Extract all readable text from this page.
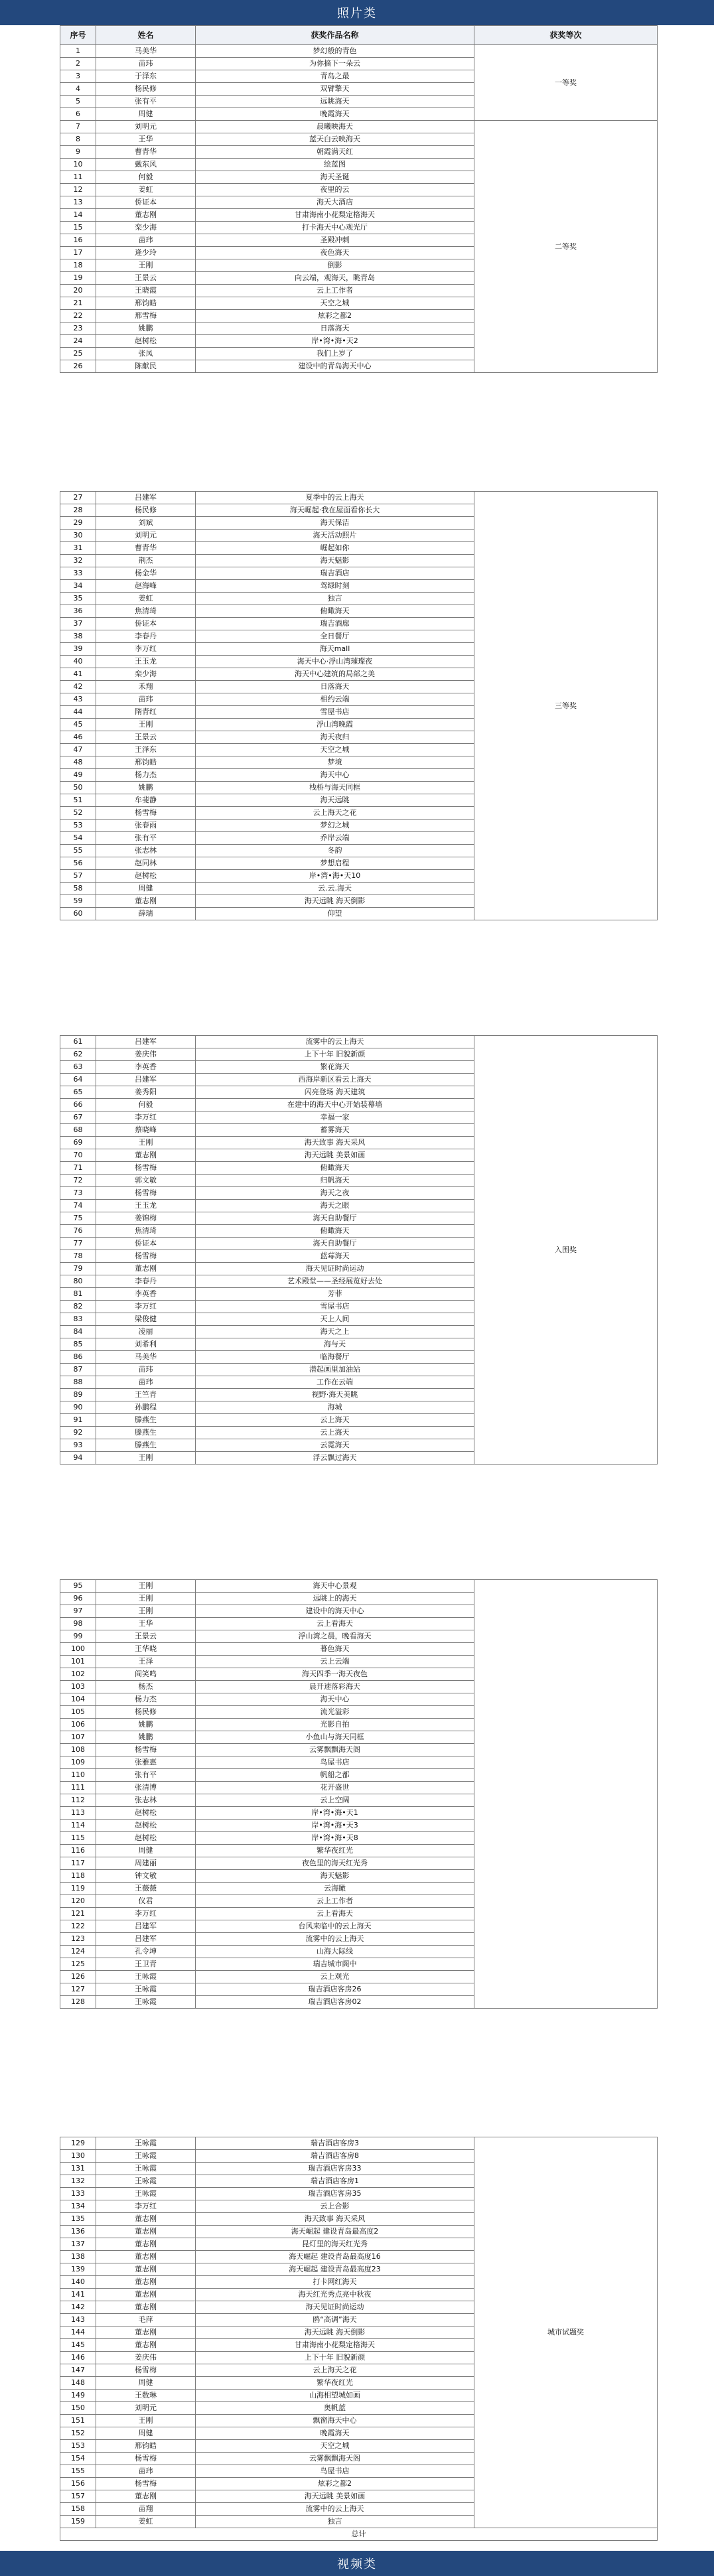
照片类
序号	姓名	获奖作品名称	获奖等次
1	马美华	梦幻般的青色	一等奖
2	苗玮	为你摘下一朵云	
3	于泽东	青岛之最	
4	杨民修	双臂擎天	
5	张有平	远眺海天	
6	周健	晚霞海天	
7	刘明元	晨曦映海天	二等奖
8	王华	蓝天白云映海天	
9	曹青华	朝霞满天红	
10	戴东风	绘蓝图	
11	何毅	海天圣诞	
12	姜虹	夜里的云	
13	侨证本	海天大酒店	
14	董志刚	甘肃海南小花梨定格海天	
15	栾少海	打卡海天中心观光厅	
16	苗玮	圣殿冲刺	
17	逄少玲	夜色海天	
18	王刚	倒影	
19	王景云	向云端，观海天，眺青岛	
20	王晓霞	云上工作者	
21	邢钧皓	天空之城	
22	邢雪梅	炫彩之都2	
23	姚鹏	日落海天	
24	赵树松	岸•湾•海•天2	
25	张凤	我们上岁了	
26	陈献民	建设中的青岛海天中心	
27	吕建军	夏季中的云上海天	三等奖
28	杨民修	海天崛起·我在屋面看你长大	
29	刘斌	海天保洁	
30	刘明元	海天活动照片	
31	曹青华	崛起如你	
32	荆杰	海天魅影	
33	杨金华	瑞吉酒店	
34	赵海峰	驾绿时刻	
35	姜虹	独言	
36	焦清琦	俯瞰海天	
37	侨证本	瑞吉酒廊	
38	李春丹	全日餐厅	
39	李万红	海天mall	
40	王玉龙	海天中心·浮山湾璀璨夜	
41	栾少海	海天中心建筑的局部之美	
42	禾翔	日落海天	
43	苗玮	相约云端	
44	隋青红	雪屋书店	
45	王刚	浮山湾晚霞	
46	王景云	海天夜归	
47	王泽东	天空之城	
48	邢钧皓	梦境	
49	杨力杰	海天中心	
50	姚鹏	栈桥与海天同框	
51	牟斐静	海天远眺	
52	杨雪梅	云上海天之花	
53	张春雨	梦幻之城	
54	张有平	乔岸云端	
55	张志林	冬韵	
56	赵同林	梦想启程	
57	赵树松	岸•湾•海•天10	
58	周健	云.云.海天	
59	董志刚	海天远眺 海天倒影	
60	薛瑞	仰望	
61	吕建军	流雾中的云上海天	入围奖
62	姜庆伟	上下十年 旧貌新颜	
63	李英香	繁花海天	
64	吕建军	西海岸新区看云上海天	
65	姜秀阳	闪亮登场 海天建筑	
66	何毅	在建中的海天中心开始装幕墙	
67	李万红	幸福一家	
68	蔡晓峰	蓄雾海天	
69	王刚	海天致事 海天采风	
70	董志刚	海天远眺 美景如画	
71	杨雪梅	俯瞰海天	
72	郭文敏	归帆海天	
73	杨雪梅	海天之夜	
74	王玉龙	海天之眼	
75	姜锦梅	海天自助餐厅	
76	焦清琦	俯瞰海天	
77	侨证本	海天自助餐厅	
78	杨雪梅	蓝莓海天	
79	董志刚	海天见证时尚运动	
80	李春丹	艺术殿堂——圣经展览好去处	
81	李英香	芳菲	
82	李万红	雪屋书店	
83	梁俊健	天上人间	
84	凌丽	海天之上	
85	刘希利	海与天	
86	马美华	临海餐厅	
87	苗玮	潜起画里加油站	
88	苗玮	工作在云端	
89	王竺青	视野·海天美眺	
90	孙鹏程	海城	
91	滕燕生	云上海天	
92	滕燕生	云上海天	
93	滕燕生	云霓海天	
94	王刚	浮云飘过海天	
95	王刚	海天中心景观	
96	王刚	远眺上的海天	
97	王刚	建设中的海天中心	
98	王华	云上看海天	
99	王景云	浮山湾之晨，晚看海天	
100	王华晓	暮色海天	
101	王泽	云上云端	
102	阎笑鸣	海天四季一海天夜色	
103	杨杰	晨开速落彩海天	
104	杨力杰	海天中心	
105	杨民修	流光溢彩	
106	姚鹏	光影自拍	
107	姚鹏	小鱼山与海天同框	
108	杨雪梅	云雾飘飘海天阁	
109	张雅惠	鸟屋书店	
110	张有平	帆船之都	
111	张清博	花开盛世	
112	张志林	云上空阔	
113	赵树松	岸•湾•海•天1	
114	赵树松	岸•湾•海•天3	
115	赵树松	岸•湾•海•天8	
116	周健	繁华夜红光	
117	周建丽	夜色里的海天红光秀	
118	钟文敏	海天魅影	
119	王薇薇	云海瞰	
120	仪君	云上工作者	
121	李万红	云上看海天	
122	吕建军	台风来临中的云上海天	
123	吕建军	流雾中的云上海天	
124	孔令坤	山海大际线	
125	王卫青	瑞吉城市阁中	
126	王咏霞	云上观光	
127	王咏霞	瑞吉酒店客房26	
128	王咏霞	瑞吉酒店客房02	
129	王咏霞	瑞吉酒店客房3	城市试题奖
130	王咏霞	瑞吉酒店客房8	
131	王咏霞	瑞吉酒店客房33	
132	王咏霞	瑞吉酒店客房1	
133	王咏霞	瑞吉酒店客房35	
134	李万红	云上合影	
135	董志刚	海天致事 海天采风	
136	董志刚	海天崛起 建设青岛最高度2	
137	董志刚	昆灯里的海天红光秀	
138	董志刚	海天崛起 建设青岛最高度16	
139	董志刚	海天崛起 建设青岛最高度23	
140	董志刚	打卡网红海天	
141	董志刚	海天红光秀点亮中秋夜	
142	董志刚	海天见证时尚运动	
143	毛萍	鸥“高调”海天	
144	董志刚	海天远眺 海天倒影	
145	董志刚	甘肃海南小花梨定格海天	
146	姜庆伟	上下十年 旧貌新颜	
147	杨雪梅	云上海天之花	
148	周健	繁华夜红光	
149	王数琳	山海相望城如画	
150	刘明元	奥帆蓝	
151	王刚	飘窗海天中心	
152	周健	晚霞海天	
153	邢钧皓	天空之城	
154	杨雪梅	云雾飘飘海天阁	
155	苗玮	鸟屋书店	
156	杨雪梅	炫彩之都2	
157	董志刚	海天远眺 美景如画	
158	苗翔	流雾中的云上海天	
159	姜虹	独言	
总计			
视频类
